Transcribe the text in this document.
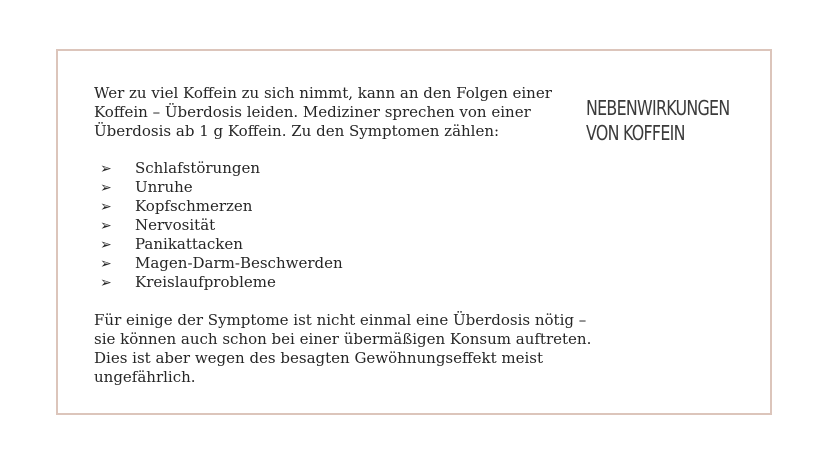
Wer zu viel Koffein zu sich nimmt, kann an den Folgen einer Koffein – Überdosis leiden. Mediziner sprechen von einer Überdosis ab 1 g Koffein. Zu den Symptomen zählen:

➢	Schlafstörungen
➢	Unruhe
➢	Kopfschmerzen
➢	Nervosität
➢	Panikattacken
➢	Magen-Darm-Beschwerden
➢	Kreislaufprobleme

Für einige der Symptome ist nicht einmal eine Überdosis nötig – sie können auch schon bei einer übermäßigen Konsum auftreten. Dies ist aber wegen des besagten Gewöhnungseffekt meist ungefährlich.

NEBENWIRKUNGEN
VON KOFFEIN
